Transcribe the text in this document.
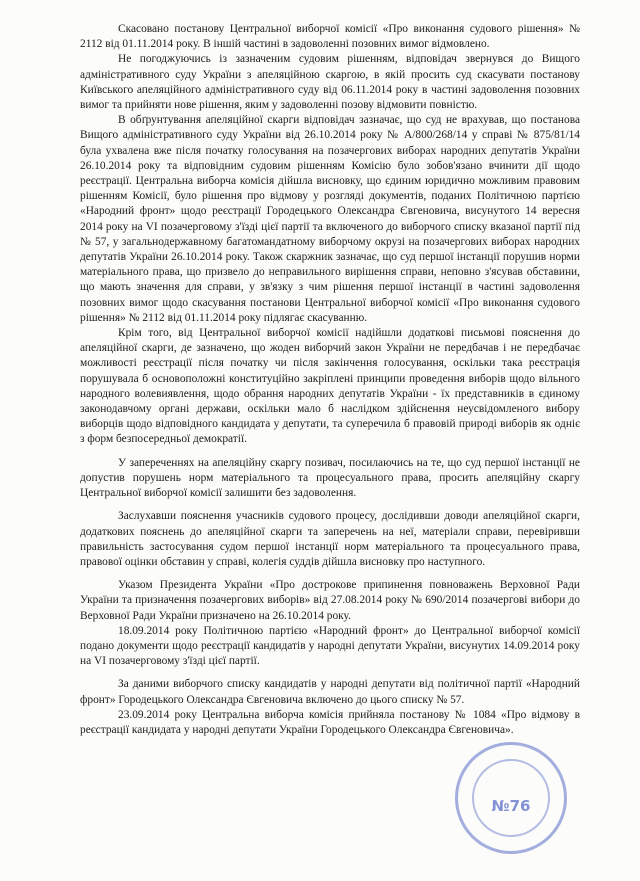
Скасовано постанову Центральної виборчої комісії «Про виконання судового рішення» № 2112 від 01.11.2014 року. В іншій частині в задоволенні позовних вимог відмовлено.

Не погоджуючись із зазначеним судовим рішенням, відповідач звернувся до Вищого адміністративного суду України з апеляційною скаргою, в якій просить суд скасувати постанову Київського апеляційного адміністративного суду від 06.11.2014 року в частині задоволення позовних вимог та прийняти нове рішення, яким у задоволенні позову відмовити повністю.

В обґрунтування апеляційної скарги відповідач зазначає, що суд не врахував, що постанова Вищого адміністративного суду України від 26.10.2014 року № А/800/268/14 у справі № 875/81/14 була ухвалена вже після початку голосування на позачергових виборах народних депутатів України 26.10.2014 року та відповідним судовим рішенням Комісію було зобов'язано вчинити дії щодо реєстрації. Центральна виборча комісія дійшла висновку, що єдиним юридично можливим правовим рішенням Комісії, було рішення про відмову у розгляді документів, поданих Політичною партією «Народний фронт» щодо реєстрації Городецького Олександра Євгеновича, висунутого 14 вересня 2014 року на VI позачерговому з'їзді цієї партії та включеного до виборчого списку вказаної партії під № 57, у загальнодержавному багатомандатному виборчому окрузі на позачергових виборах народних депутатів України 26.10.2014 року. Також скаржник зазначає, що суд першої інстанції порушив норми матеріального права, що призвело до неправильного вирішення справи, неповно з'ясував обставини, що мають значення для справи, у зв'язку з чим рішення першої інстанції в частині задоволення позовних вимог щодо скасування постанови Центральної виборчої комісії «Про виконання судового рішення» № 2112 від 01.11.2014 року підлягає скасуванню.

Крім того, від Центральної виборчої комісії надійшли додаткові письмові пояснення до апеляційної скарги, де зазначено, що жоден виборчий закон України не передбачав і не передбачає можливості реєстрації після початку чи після закінчення голосування, оскільки така реєстрація порушувала б основоположні конституційно закріплені принципи проведення виборів щодо вільного народного волевиявлення, щодо обрання народних депутатів України - їх представників в єдиному законодавчому органі держави, оскільки мало б наслідком здійснення неусвідомленого вибору виборців щодо відповідного кандидата у депутати, та суперечила б правовій природі виборів як одніє з форм безпосередньої демократії.

У запереченнях на апеляційну скаргу позивач, посилаючись на те, що суд першої інстанції не допустив порушень норм матеріального та процесуального права, просить апеляційну скаргу Центральної виборчої комісії залишити без задоволення.

Заслухавши пояснення учасників судового процесу, дослідивши доводи апеляційної скарги, додаткових пояснень до апеляційної скарги та заперечень на неї, матеріали справи, перевіривши правильність застосування судом першої інстанції норм матеріального та процесуального права, правової оцінки обставин у справі, колегія суддів дійшла висновку про наступного.

Указом Президента України «Про дострокове припинення повноважень Верховної Ради України та призначення позачергових виборів» від 27.08.2014 року № 690/2014 позачергові вибори до Верховної Ради України призначено на 26.10.2014 року.

18.09.2014 року Політичною партією «Народний фронт» до Центральної виборчої комісії подано документи щодо реєстрації кандидатів у народні депутати України, висунутих 14.09.2014 року на VI позачерговому з'їзді цієї партії.

За даними виборчого списку кандидатів у народні депутати від політичної партії «Народний фронт» Городецького Олександра Євгеновича включено до цього списку № 57.

23.09.2014 року Центральна виборча комісія прийняла постанову № 1084 «Про відмову в реєстрації кандидата у народні депутати України Городецького Олександра Євгеновича».

№76
